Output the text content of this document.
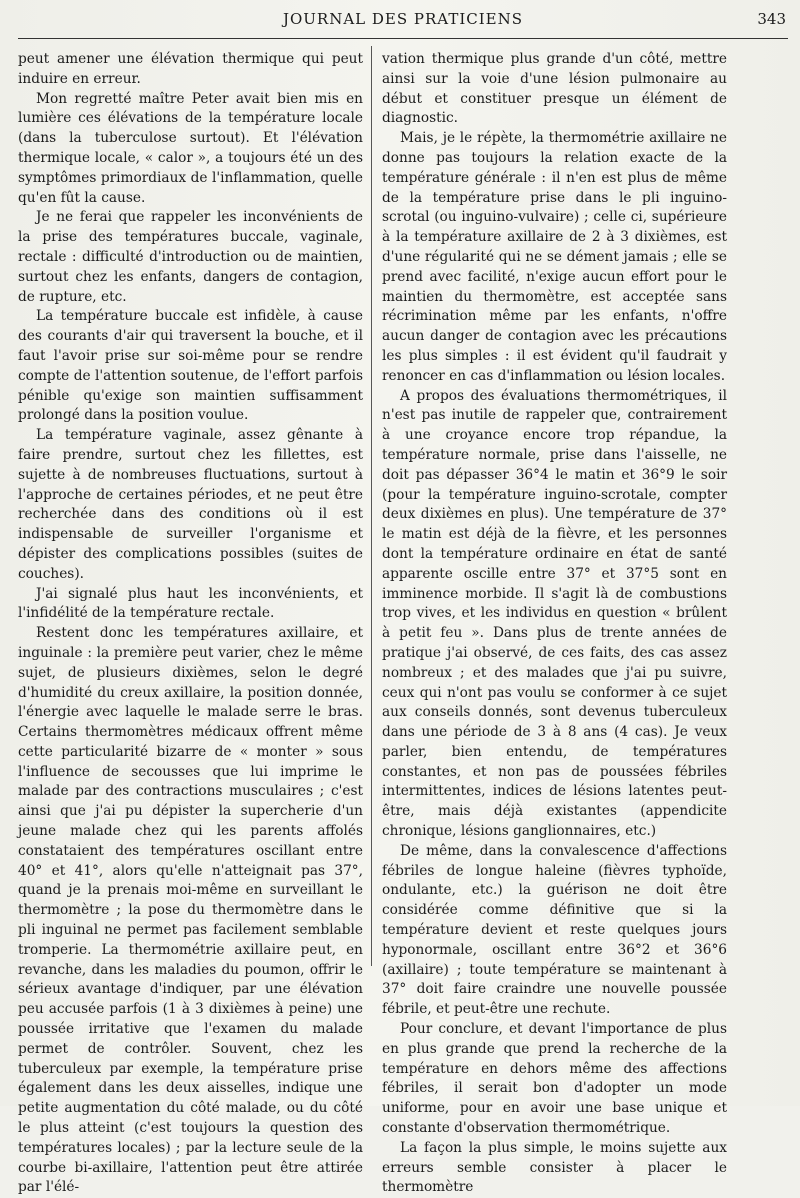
JOURNAL DES PRATICIENS	343

peut amener une élévation thermique qui peut induire en erreur.

Mon regretté maître Peter avait bien mis en lumière ces élévations de la température locale (dans la tuberculose surtout). Et l'élévation thermique locale, « calor », a toujours été un des symptômes primordiaux de l'inflammation, quelle qu'en fût la cause.

Je ne ferai que rappeler les inconvénients de la prise des températures buccale, vaginale, rectale : difficulté d'introduction ou de maintien, surtout chez les enfants, dangers de contagion, de rupture, etc.

La température buccale est infidèle, à cause des courants d'air qui traversent la bouche, et il faut l'avoir prise sur soi-même pour se rendre compte de l'attention soutenue, de l'effort parfois pénible qu'exige son maintien suffisamment prolongé dans la position voulue.

La température vaginale, assez gênante à faire prendre, surtout chez les fillettes, est sujette à de nombreuses fluctuations, surtout à l'approche de certaines périodes, et ne peut être recherchée dans des conditions où il est indispensable de surveiller l'organisme et dépister des complications possibles (suites de couches).

J'ai signalé plus haut les inconvénients, et l'infidélité de la température rectale.

Restent donc les températures axillaire, et inguinale : la première peut varier, chez le même sujet, de plusieurs dixièmes, selon le degré d'humidité du creux axillaire, la position donnée, l'énergie avec laquelle le malade serre le bras. Certains thermomètres médicaux offrent même cette particularité bizarre de « monter » sous l'influence de secousses que lui imprime le malade par des contractions musculaires ; c'est ainsi que j'ai pu dépister la supercherie d'un jeune malade chez qui les parents affolés constataient des températures oscillant entre 40° et 41°, alors qu'elle n'atteignait pas 37°, quand je la prenais moi-même en surveillant le thermomètre ; la pose du thermomètre dans le pli inguinal ne permet pas facilement semblable tromperie. La thermométrie axillaire peut, en revanche, dans les maladies du poumon, offrir le sérieux avantage d'indiquer, par une élévation peu accusée parfois (1 à 3 dixièmes à peine) une poussée irritative que l'examen du malade permet de contrôler. Souvent, chez les tuberculeux par exemple, la température prise également dans les deux aisselles, indique une petite augmentation du côté malade, ou du côté le plus atteint (c'est toujours la question des températures locales) ; par la lecture seule de la courbe bi-axillaire, l'attention peut être attirée par l'élé-

vation thermique plus grande d'un côté, mettre ainsi sur la voie d'une lésion pulmonaire au début et constituer presque un élément de diagnostic.

Mais, je le répète, la thermométrie axillaire ne donne pas toujours la relation exacte de la température générale : il n'en est plus de même de la température prise dans le pli inguino-scrotal (ou inguino-vulvaire) ; celle ci, supérieure à la température axillaire de 2 à 3 dixièmes, est d'une régularité qui ne se dément jamais ; elle se prend avec facilité, n'exige aucun effort pour le maintien du thermomètre, est acceptée sans récrimination même par les enfants, n'offre aucun danger de contagion avec les précautions les plus simples : il est évident qu'il faudrait y renoncer en cas d'inflammation ou lésion locales.

A propos des évaluations thermométriques, il n'est pas inutile de rappeler que, contrairement à une croyance encore trop répandue, la température normale, prise dans l'aisselle, ne doit pas dépasser 36°4 le matin et 36°9 le soir (pour la température inguino-scrotale, compter deux dixièmes en plus). Une température de 37° le matin est déjà de la fièvre, et les personnes dont la température ordinaire en état de santé apparente oscille entre 37° et 37°5 sont en imminence morbide. Il s'agit là de combustions trop vives, et les individus en question « brûlent à petit feu ». Dans plus de trente années de pratique j'ai observé, de ces faits, des cas assez nombreux ; et des malades que j'ai pu suivre, ceux qui n'ont pas voulu se conformer à ce sujet aux conseils donnés, sont devenus tuberculeux dans une période de 3 à 8 ans (4 cas). Je veux parler, bien entendu, de températures constantes, et non pas de poussées fébriles intermittentes, indices de lésions latentes peut-être, mais déjà existantes (appendicite chronique, lésions ganglionnaires, etc.)

De même, dans la convalescence d'affections fébriles de longue haleine (fièvres typhoïde, ondulante, etc.) la guérison ne doit être considérée comme définitive que si la température devient et reste quelques jours hyponormale, oscillant entre 36°2 et 36°6 (axillaire) ; toute température se maintenant à 37° doit faire craindre une nouvelle poussée fébrile, et peut-être une rechute.

Pour conclure, et devant l'importance de plus en plus grande que prend la recherche de la température en dehors même des affections fébriles, il serait bon d'adopter un mode uniforme, pour en avoir une base unique et constante d'observation thermométrique.

La façon la plus simple, le moins sujette aux erreurs semble consister à placer le thermomètre
